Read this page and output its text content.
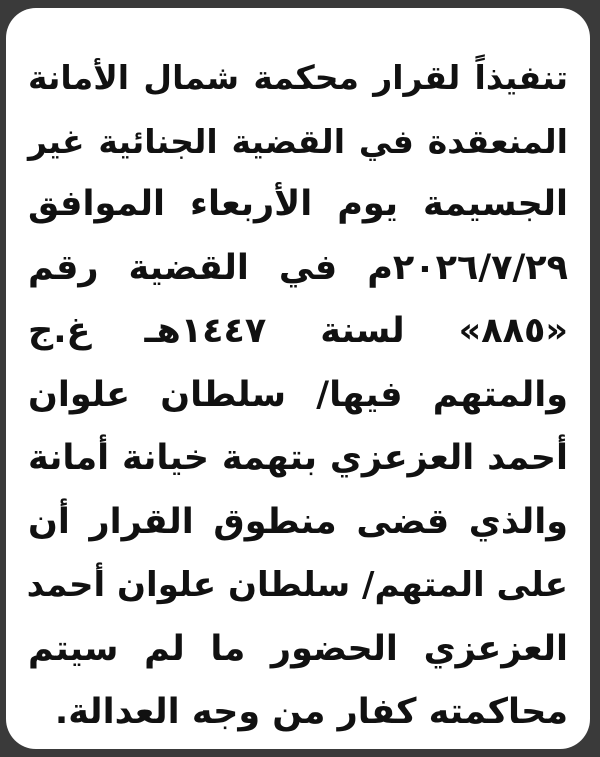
تنفيذاً لقرار محكمة شمال الأمانة
المنعقدة في القضية الجنائية غير
الجسيمة يوم الأربعاء الموافق
٢٠٢٦/٧/٢٩م في القضية رقم
«٨٨٥» لسنة ١٤٤٧هـ غ.ج
والمتهم فيها/ سلطان علوان
أحمد العزعزي بتهمة خيانة أمانة
والذي قضى منطوق القرار أن
على المتهم/ سلطان علوان أحمد
العزعزي الحضور ما لم سيتم
محاكمته كفار من وجه العدالة.
